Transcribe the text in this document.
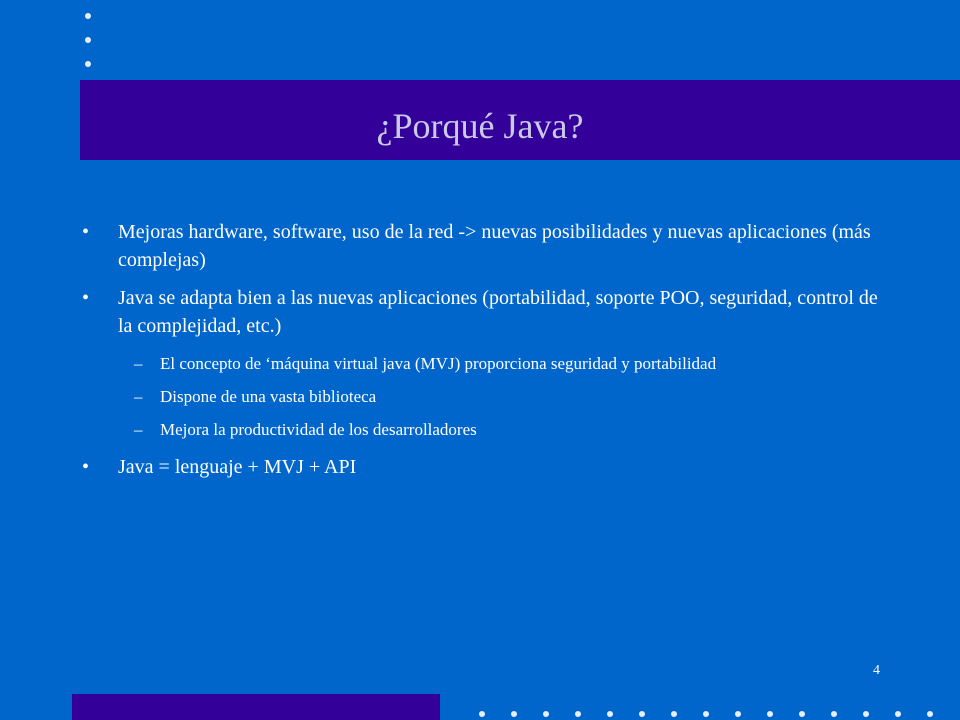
¿Porqué Java?
• Mejoras hardware, software, uso de la red -> nuevas posibilidades y nuevas aplicaciones (más complejas)
• Java se adapta bien a las nuevas aplicaciones (portabilidad, soporte POO, seguridad, control de la complejidad, etc.)
– El concepto de ‘máquina virtual java (MVJ) proporciona seguridad y portabilidad
– Dispone de una vasta biblioteca
– Mejora la productividad de los desarrolladores
• Java = lenguaje + MVJ + API
4
